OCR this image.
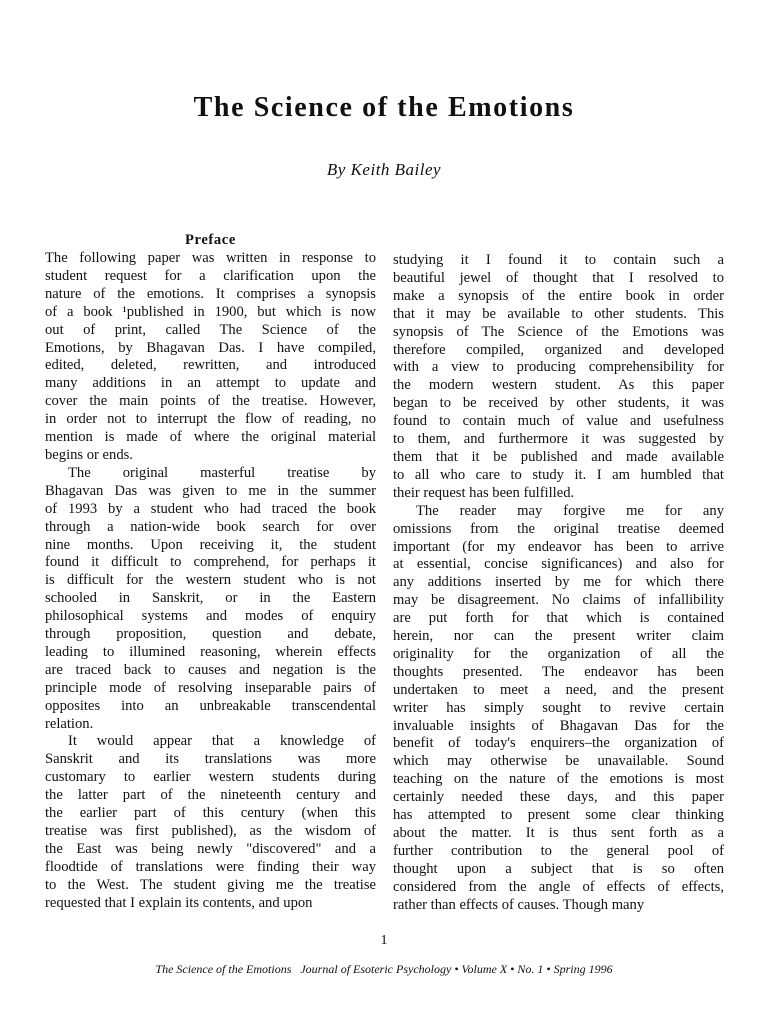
The Science of the Emotions
By Keith Bailey
Preface
The following paper was written in response to
student request for a clarification upon the
nature of the emotions. It comprises a synopsis
of a book ¹published in 1900, but which is now
out of print, called The Science of the
Emotions, by Bhagavan Das. I have compiled,
edited, deleted, rewritten, and introduced
many additions in an attempt to update and
cover the main points of the treatise. However,
in order not to interrupt the flow of reading, no
mention is made of where the original material
begins or ends.
The original masterful treatise by
Bhagavan Das was given to me in the summer
of 1993 by a student who had traced the book
through a nation-wide book search for over
nine months. Upon receiving it, the student
found it difficult to comprehend, for perhaps it
is difficult for the western student who is not
schooled in Sanskrit, or in the Eastern
philosophical systems and modes of enquiry
through proposition, question and debate,
leading to illumined reasoning, wherein effects
are traced back to causes and negation is the
principle mode of resolving inseparable pairs of
opposites into an unbreakable transcendental
relation.
It would appear that a knowledge of
Sanskrit and its translations was more
customary to earlier western students during
the latter part of the nineteenth century and
the earlier part of this century (when this
treatise was first published), as the wisdom of
the East was being newly "discovered" and a
floodtide of translations were finding their way
to the West. The student giving me the treatise
requested that I explain its contents, and upon
studying it I found it to contain such a
beautiful jewel of thought that I resolved to
make a synopsis of the entire book in order
that it may be available to other students. This
synopsis of The Science of the Emotions was
therefore compiled, organized and developed
with a view to producing comprehensibility for
the modern western student. As this paper
began to be received by other students, it was
found to contain much of value and usefulness
to them, and furthermore it was suggested by
them that it be published and made available
to all who care to study it. I am humbled that
their request has been fulfilled.
The reader may forgive me for any
omissions from the original treatise deemed
important (for my endeavor has been to arrive
at essential, concise significances) and also for
any additions inserted by me for which there
may be disagreement. No claims of infallibility
are put forth for that which is contained
herein, nor can the present writer claim
originality for the organization of all the
thoughts presented. The endeavor has been
undertaken to meet a need, and the present
writer has simply sought to revive certain
invaluable insights of Bhagavan Das for the
benefit of today's enquirers–the organization of
which may otherwise be unavailable. Sound
teaching on the nature of the emotions is most
certainly needed these days, and this paper
has attempted to present some clear thinking
about the matter. It is thus sent forth as a
further contribution to the general pool of
thought upon a subject that is so often
considered from the angle of effects of effects,
rather than effects of causes. Though many
1
The Science of the Emotions   Journal of Esoteric Psychology • Volume X • No. 1 • Spring 1996
